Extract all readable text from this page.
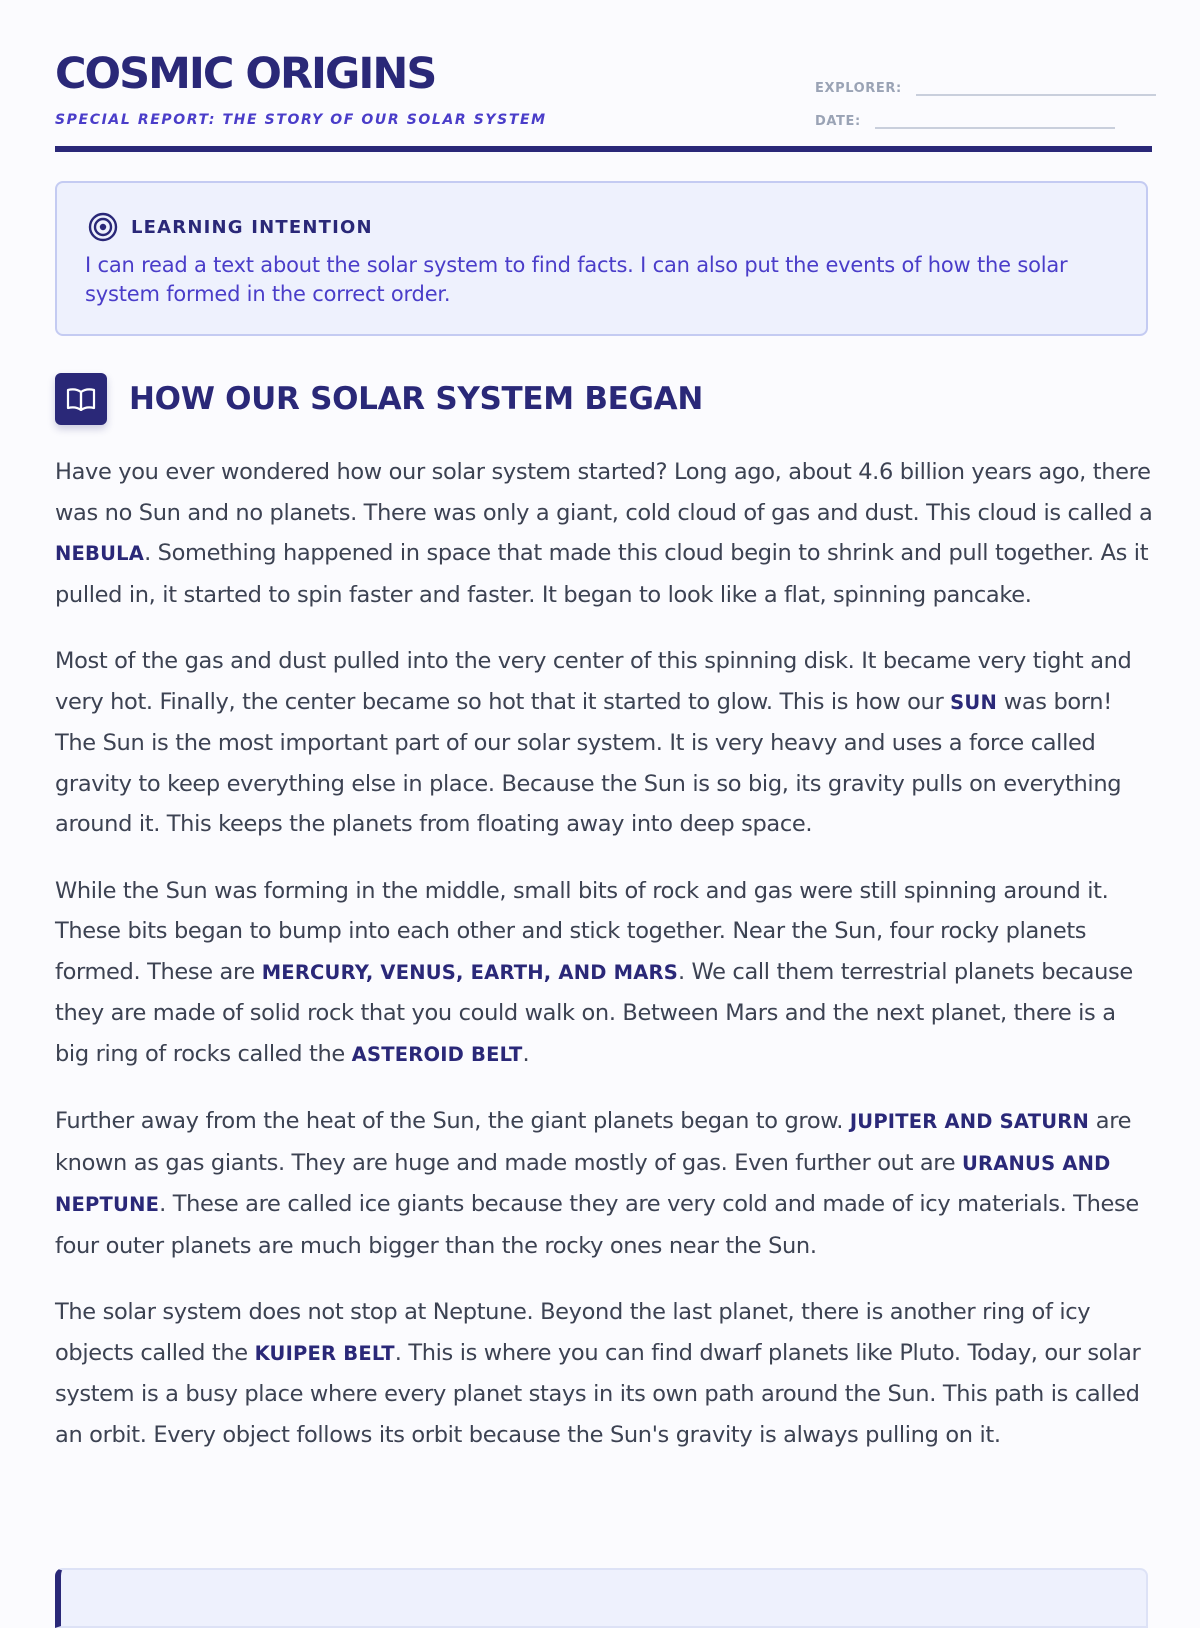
COSMIC ORIGINS
SPECIAL REPORT: THE STORY OF OUR SOLAR SYSTEM
EXPLORER:
DATE:
LEARNING INTENTION

I can read a text about the solar system to find facts. I can also put the events of how the solar system formed in the correct order.

HOW OUR SOLAR SYSTEM BEGAN

Have you ever wondered how our solar system started? Long ago, about 4.6 billion years ago, there was no Sun and no planets. There was only a giant, cold cloud of gas and dust. This cloud is called a NEBULA. Something happened in space that made this cloud begin to shrink and pull together. As it pulled in, it started to spin faster and faster. It began to look like a flat, spinning pancake.

Most of the gas and dust pulled into the very center of this spinning disk. It became very tight and very hot. Finally, the center became so hot that it started to glow. This is how our SUN was born! The Sun is the most important part of our solar system. It is very heavy and uses a force called gravity to keep everything else in place. Because the Sun is so big, its gravity pulls on everything around it. This keeps the planets from floating away into deep space.

While the Sun was forming in the middle, small bits of rock and gas were still spinning around it. These bits began to bump into each other and stick together. Near the Sun, four rocky planets formed. These are MERCURY, VENUS, EARTH, AND MARS. We call them terrestrial planets because they are made of solid rock that you could walk on. Between Mars and the next planet, there is a big ring of rocks called the ASTEROID BELT.

Further away from the heat of the Sun, the giant planets began to grow. JUPITER AND SATURN are known as gas giants. They are huge and made mostly of gas. Even further out are URANUS AND NEPTUNE. These are called ice giants because they are very cold and made of icy materials. These four outer planets are much bigger than the rocky ones near the Sun.

The solar system does not stop at Neptune. Beyond the last planet, there is another ring of icy objects called the KUIPER BELT. This is where you can find dwarf planets like Pluto. Today, our solar system is a busy place where every planet stays in its own path around the Sun. This path is called an orbit. Every object follows its orbit because the Sun's gravity is always pulling on it.
